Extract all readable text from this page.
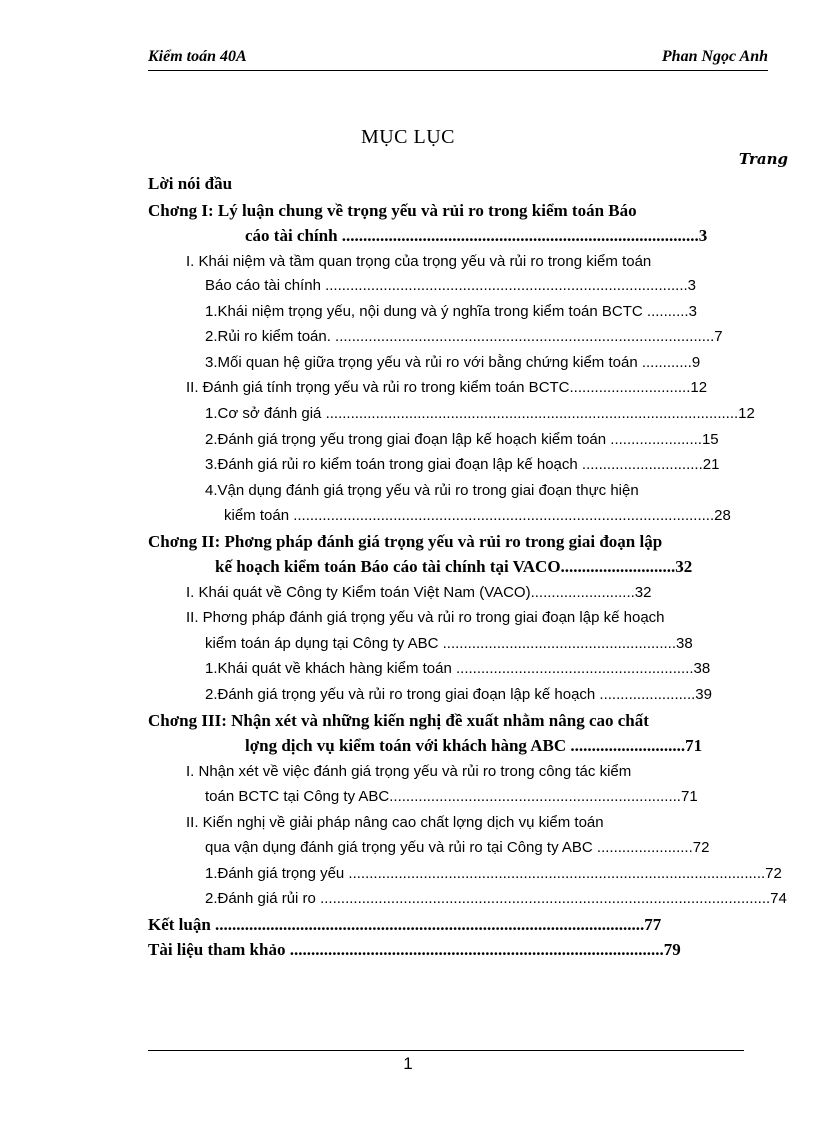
Kiểm toán 40A	Phan Ngọc Anh
MỤC LỤC
Trang
Lời nói đầu
Chơng I: Lý luận chung về trọng yếu và rủi ro trong kiểm toán Báo
cáo tài chính ....................................................................................3
I. Khái niệm và tầm quan trọng của trọng yếu và rủi ro trong kiểm toán
Báo cáo tài chính .......................................................................................3
1.Khái niệm trọng yếu, nội dung và ý nghĩa trong kiểm toán BCTC ..........3
2.Rủi ro kiểm toán. ...........................................................................................7
3.Mối quan hệ giữa trọng yếu và rủi ro với bằng chứng kiểm toán ............9
II. Đánh giá tính trọng yếu và rủi ro trong kiểm toán BCTC.............................12
1.Cơ sở đánh giá ...................................................................................................12
2.Đánh giá trọng yếu trong giai đoạn lập kế hoạch kiểm toán ......................15
3.Đánh giá rủi ro kiểm toán trong giai đoạn lập kế hoạch .............................21
4.Vận dụng đánh giá trọng yếu và rủi ro trong giai đoạn thực hiện
kiểm toán .....................................................................................................28
Chơng II: Phơng pháp đánh giá trọng yếu và rủi ro trong giai đoạn lập
kế hoạch kiểm toán Báo cáo tài chính tại VACO...........................32
I. Khái quát về Công ty Kiểm toán Việt Nam (VACO).........................32
II. Phơng pháp đánh giá trọng yếu và rủi ro trong giai đoạn lập kế hoạch
kiểm toán áp dụng tại Công ty ABC ........................................................38
1.Khái quát về khách hàng kiểm toán .........................................................38
2.Đánh giá trọng yếu và rủi ro trong giai đoạn lập kế hoạch .......................39
Chơng III: Nhận xét và những kiến nghị đề xuất nhằm nâng cao chất
lợng dịch vụ kiểm toán với khách hàng ABC ...........................71
I. Nhận xét về việc đánh giá trọng yếu và rủi ro trong công tác kiểm
toán BCTC tại Công ty ABC......................................................................71
II. Kiến nghị về giải pháp nâng cao chất lợng dịch vụ kiểm toán
qua vận dụng đánh giá trọng yếu và rủi ro tại Công ty ABC .......................72
1.Đánh giá trọng yếu ....................................................................................................72
2.Đánh giá rủi ro ............................................................................................................74
Kết luận .....................................................................................................77
Tài liệu tham khảo ........................................................................................79
1
